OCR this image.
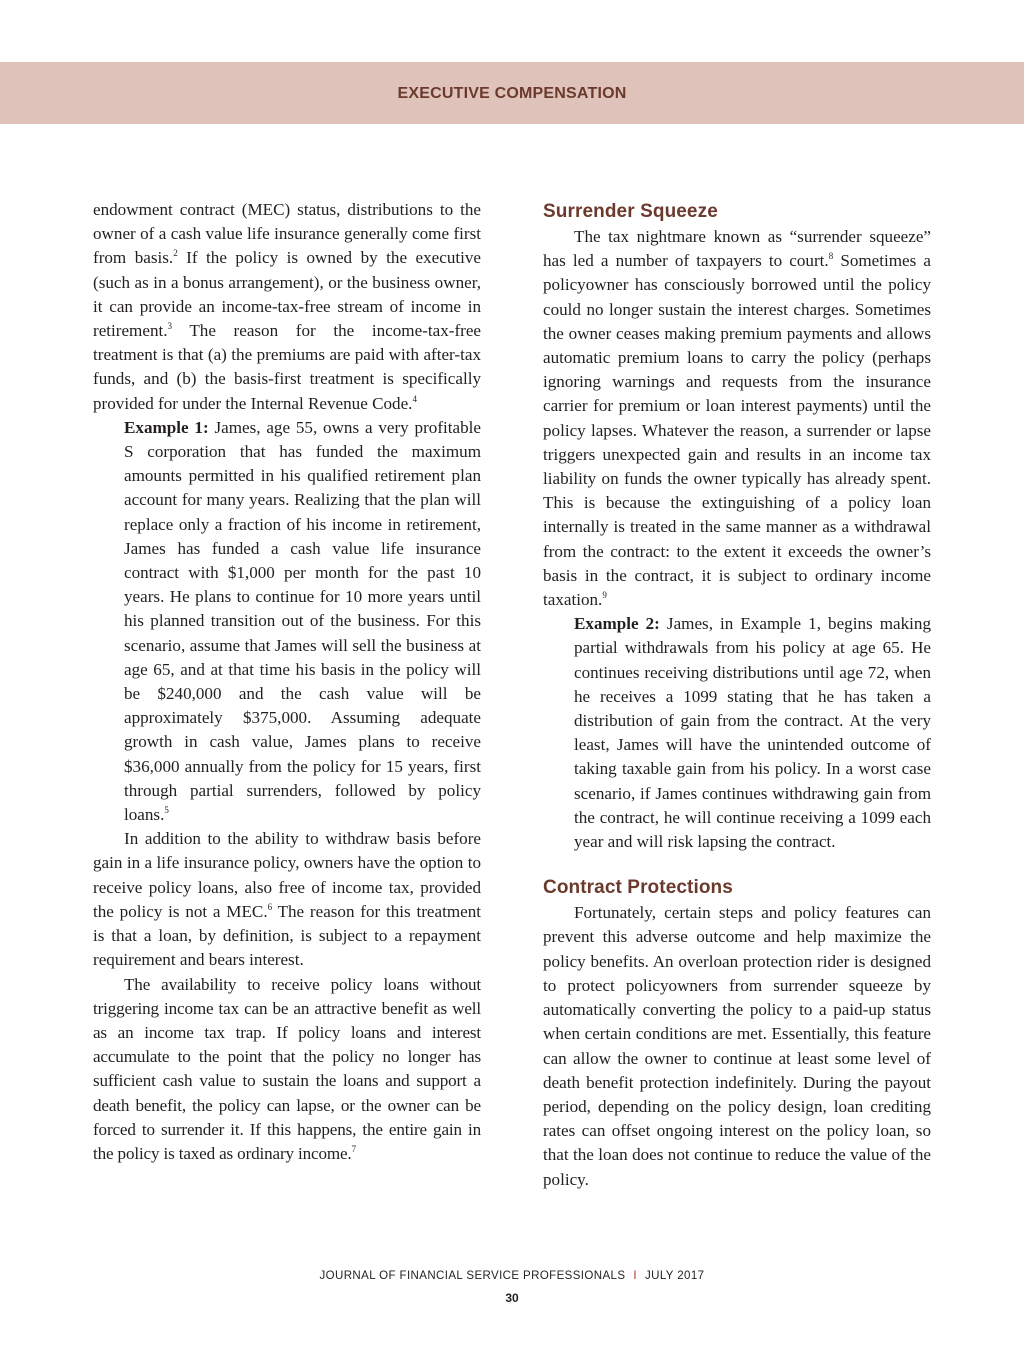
EXECUTIVE COMPENSATION

endowment contract (MEC) status, distributions to the owner of a cash value life insurance generally come first from basis.$^2$ If the policy is owned by the executive (such as in a bonus arrangement), or the business owner, it can provide an income-tax-free stream of income in retirement.$^3$ The reason for the income-tax-free treatment is that (a) the premiums are paid with after-tax funds, and (b) the basis-first treatment is specifically provided for under the Internal Revenue Code.$^4$

Example 1: James, age 55, owns a very profitable S corporation that has funded the maximum amounts permitted in his qualified retirement plan account for many years. Realizing that the plan will replace only a fraction of his income in retirement, James has funded a cash value life insurance contract with $1,000 per month for the past 10 years. He plans to continue for 10 more years until his planned transition out of the business. For this scenario, assume that James will sell the business at age 65, and at that time his basis in the policy will be $240,000 and the cash value will be approximately $375,000. Assuming adequate growth in cash value, James plans to receive $36,000 annually from the policy for 15 years, first through partial surrenders, followed by policy loans.$^5$

In addition to the ability to withdraw basis before gain in a life insurance policy, owners have the option to receive policy loans, also free of income tax, provided the policy is not a MEC.$^6$ The reason for this treatment is that a loan, by definition, is subject to a repayment requirement and bears interest.

The availability to receive policy loans without triggering income tax can be an attractive benefit as well as an income tax trap. If policy loans and interest accumulate to the point that the policy no longer has sufficient cash value to sustain the loans and support a death benefit, the policy can lapse, or the owner can be forced to surrender it. If this happens, the entire gain in the policy is taxed as ordinary income.$^7$

Surrender Squeeze

The tax nightmare known as “surrender squeeze” has led a number of taxpayers to court.$^8$ Sometimes a policyowner has consciously borrowed until the policy could no longer sustain the interest charges. Sometimes the owner ceases making premium payments and allows automatic premium loans to carry the policy (perhaps ignoring warnings and requests from the insurance carrier for premium or loan interest payments) until the policy lapses. Whatever the reason, a surrender or lapse triggers unexpected gain and results in an income tax liability on funds the owner typically has already spent. This is because the extinguishing of a policy loan internally is treated in the same manner as a withdrawal from the contract: to the extent it exceeds the owner’s basis in the contract, it is subject to ordinary income taxation.$^9$

Example 2: James, in Example 1, begins making partial withdrawals from his policy at age 65. He continues receiving distributions until age 72, when he receives a 1099 stating that he has taken a distribution of gain from the contract. At the very least, James will have the unintended outcome of taking taxable gain from his policy. In a worst case scenario, if James continues withdrawing gain from the contract, he will continue receiving a 1099 each year and will risk lapsing the contract.

Contract Protections

Fortunately, certain steps and policy features can prevent this adverse outcome and help maximize the policy benefits. An overloan protection rider is designed to protect policyowners from surrender squeeze by automatically converting the policy to a paid-up status when certain conditions are met. Essentially, this feature can allow the owner to continue at least some level of death benefit protection indefinitely. During the payout period, depending on the policy design, loan crediting rates can offset ongoing interest on the policy loan, so that the loan does not continue to reduce the value of the policy.

JOURNAL OF FINANCIAL SERVICE PROFESSIONALS I JULY 2017
30
